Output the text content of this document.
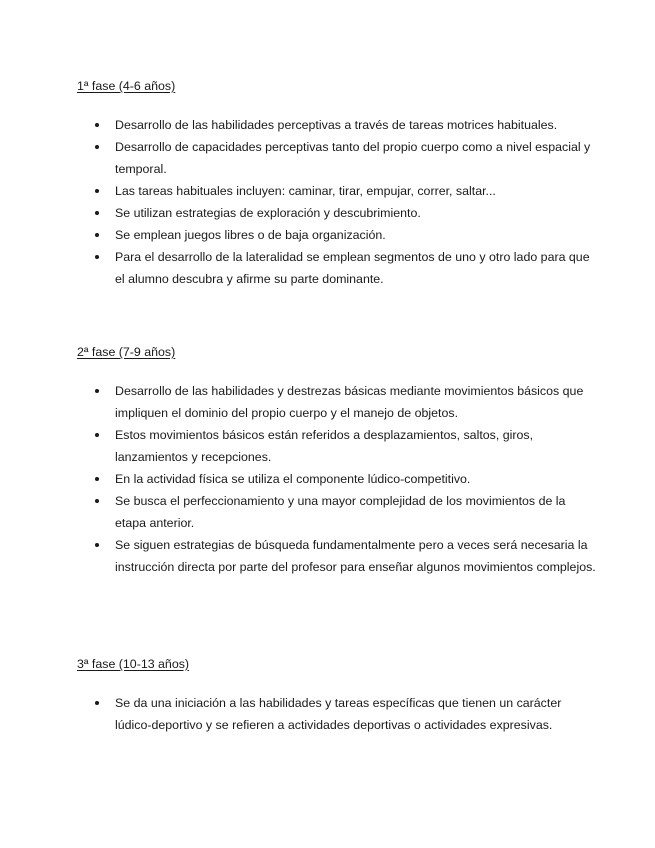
1ª fase (4-6 años)

Desarrollo de las habilidades perceptivas a través de tareas motrices habituales.
Desarrollo de capacidades perceptivas tanto del propio cuerpo como a nivel espacial y temporal.
Las tareas habituales incluyen: caminar, tirar, empujar, correr, saltar...
Se utilizan estrategias de exploración y descubrimiento.
Se emplean juegos libres o de baja organización.
Para el desarrollo de la lateralidad se emplean segmentos de uno y otro lado para que el alumno descubra y afirme su parte dominante.

2ª fase (7-9 años)

Desarrollo de las habilidades y destrezas básicas mediante movimientos básicos que impliquen el dominio del propio cuerpo y el manejo de objetos.
Estos movimientos básicos están referidos a desplazamientos, saltos, giros, lanzamientos y recepciones.
En la actividad física se utiliza el componente lúdico-competitivo.
Se busca el perfeccionamiento y una mayor complejidad de los movimientos de la etapa anterior.
Se siguen estrategias de búsqueda fundamentalmente pero a veces será necesaria la instrucción directa por parte del profesor para enseñar algunos movimientos complejos.

3ª fase (10-13 años)

Se da una iniciación a las habilidades y tareas específicas que tienen un carácter lúdico-deportivo y se refieren a actividades deportivas o actividades expresivas.
